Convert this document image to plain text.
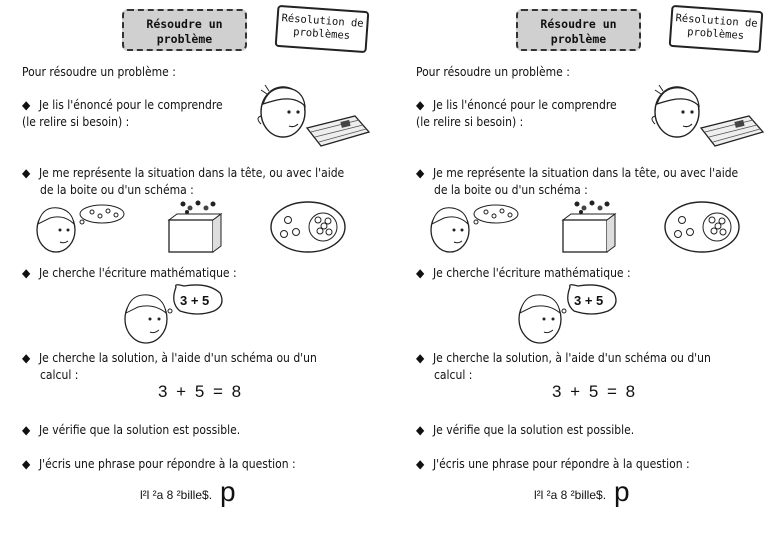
Résoudre un
problème
Résolution de
problèmes
Pour résoudre un problème :
◆ Je lis l'énoncé pour le comprendre
(le relire si besoin) :
◆ Je me représente la situation dans la tête, ou avec l'aide
de la boite ou d'un schéma :
◆ Je cherche l'écriture mathématique :
3 + 5
◆ Je cherche la solution, à l'aide d'un schéma ou d'un
calcul :
3 + 5 = 8
◆ Je vérifie que la solution est possible.
◆ J'écris une phrase pour répondre à la question :
l²l ²a 8 ²bille$. p
Résoudre un
problème
Résolution de
problèmes
Pour résoudre un problème :
◆ Je lis l'énoncé pour le comprendre
(le relire si besoin) :
◆ Je me représente la situation dans la tête, ou avec l'aide
de la boite ou d'un schéma :
◆ Je cherche l'écriture mathématique :
3 + 5
◆ Je cherche la solution, à l'aide d'un schéma ou d'un
calcul :
3 + 5 = 8
◆ Je vérifie que la solution est possible.
◆ J'écris une phrase pour répondre à la question :
l²l ²a 8 ²bille$. p
